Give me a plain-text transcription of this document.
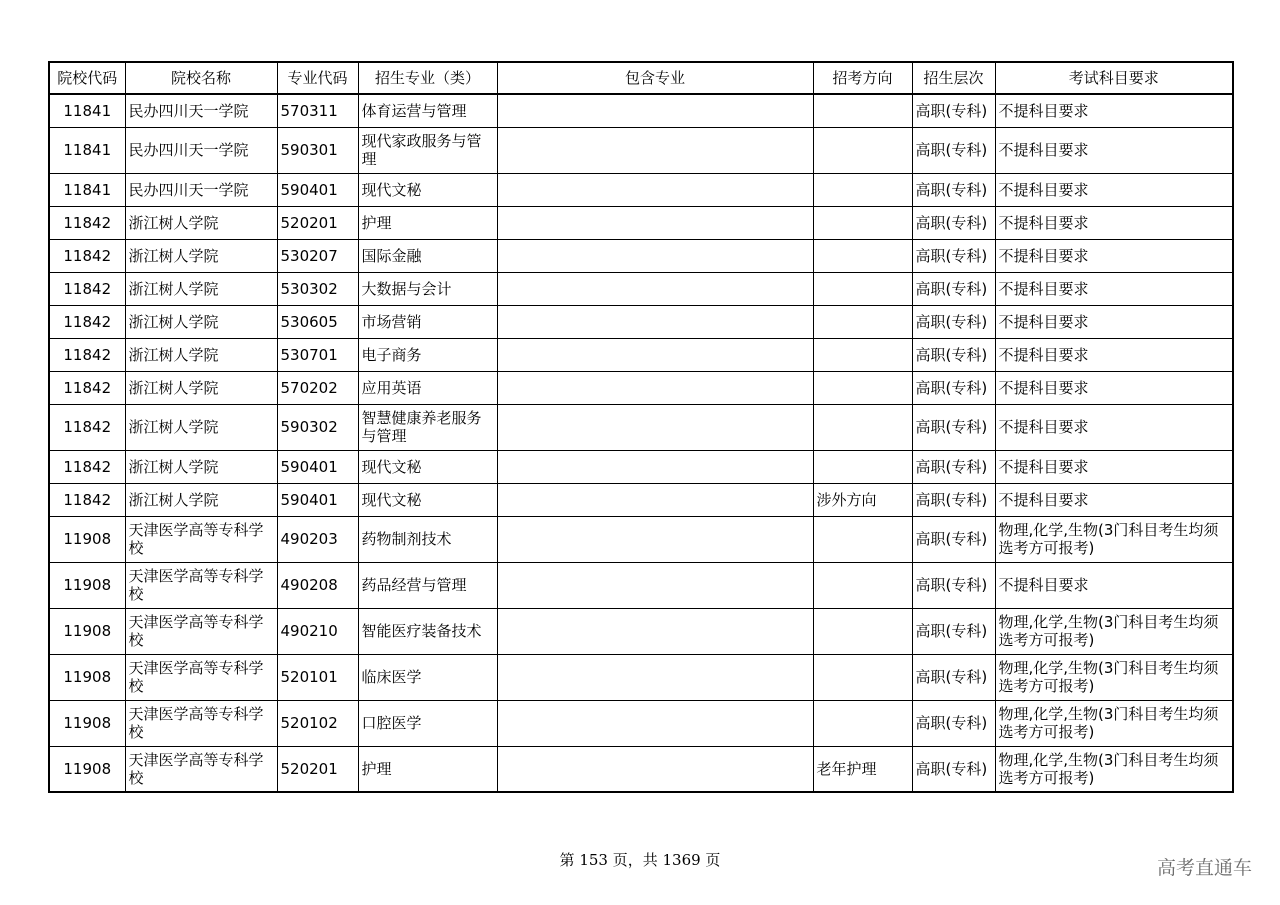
院校代码	院校名称	专业代码	招生专业（类）	包含专业	招考方向	招生层次	考试科目要求
11841	民办四川天一学院	570311	体育运营与管理			高职(专科)	不提科目要求
11841	民办四川天一学院	590301	现代家政服务与管理			高职(专科)	不提科目要求
11841	民办四川天一学院	590401	现代文秘			高职(专科)	不提科目要求
11842	浙江树人学院	520201	护理			高职(专科)	不提科目要求
11842	浙江树人学院	530207	国际金融			高职(专科)	不提科目要求
11842	浙江树人学院	530302	大数据与会计			高职(专科)	不提科目要求
11842	浙江树人学院	530605	市场营销			高职(专科)	不提科目要求
11842	浙江树人学院	530701	电子商务			高职(专科)	不提科目要求
11842	浙江树人学院	570202	应用英语			高职(专科)	不提科目要求
11842	浙江树人学院	590302	智慧健康养老服务与管理			高职(专科)	不提科目要求
11842	浙江树人学院	590401	现代文秘			高职(专科)	不提科目要求
11842	浙江树人学院	590401	现代文秘		涉外方向	高职(专科)	不提科目要求
11908	天津医学高等专科学校	490203	药物制剂技术			高职(专科)	物理,化学,生物(3门科目考生均须选考方可报考)
11908	天津医学高等专科学校	490208	药品经营与管理			高职(专科)	不提科目要求
11908	天津医学高等专科学校	490210	智能医疗装备技术			高职(专科)	物理,化学,生物(3门科目考生均须选考方可报考)
11908	天津医学高等专科学校	520101	临床医学			高职(专科)	物理,化学,生物(3门科目考生均须选考方可报考)
11908	天津医学高等专科学校	520102	口腔医学			高职(专科)	物理,化学,生物(3门科目考生均须选考方可报考)
11908	天津医学高等专科学校	520201	护理		老年护理	高职(专科)	物理,化学,生物(3门科目考生均须选考方可报考)
第 153 页，共 1369 页	高考直通车
